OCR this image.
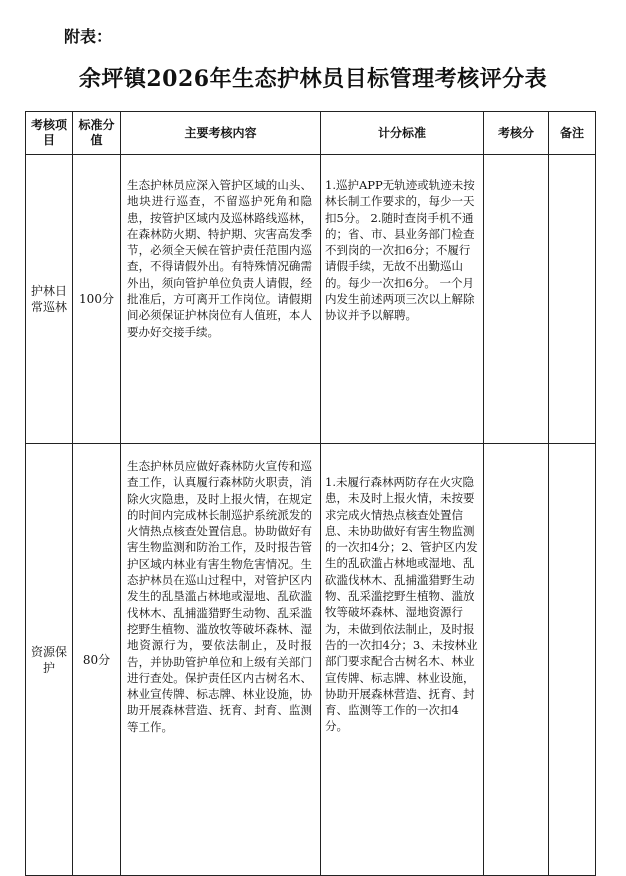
附表：
余坪镇2026年生态护林员目标管理考核评分表
考核项目	标准分值	主要考核内容	计分标准	考核分	备注
护林日常巡林	100分	生态护林员应深入管护区域的山头、地块进行巡查，不留巡护死角和隐患，按管护区域内及巡林路线巡林，在森林防火期、特护期、灾害高发季节，必须全天候在管护责任范围内巡查，不得请假外出。有特殊情况确需外出，须向管护单位负责人请假，经批准后，方可离开工作岗位。请假期间必须保证护林岗位有人值班，本人要办好交接手续。	1.巡护APP无轨迹或轨迹未按林长制工作要求的，每少一天扣5分。 2.随时查岗手机不通的；省、市、县业务部门检查不到岗的一次扣6分；不履行请假手续，无故不出勤巡山的。每少一次扣6分。 一个月内发生前述两项三次以上解除协议并予以解聘。		
资源保护	80分	生态护林员应做好森林防火宣传和巡查工作，认真履行森林防火职责，消除火灾隐患，及时上报火情，在规定的时间内完成林长制巡护系统派发的火情热点核查处置信息。协助做好有害生物监测和防治工作，及时报告管护区域内林业有害生物危害情况。生态护林员在巡山过程中，对管护区内发生的乱垦滥占林地或湿地、乱砍滥伐林木、乱捕滥猎野生动物、乱采滥挖野生植物、滥放牧等破坏森林、湿地资源行为，要依法制止，及时报告，并协助管护单位和上级有关部门进行查处。保护责任区内古树名木、林业宣传牌、标志牌、林业设施，协助开展森林营造、抚育、封育、监测等工作。	1.未履行森林两防存在火灾隐患，未及时上报火情，未按要求完成火情热点核查处置信息、未协助做好有害生物监测的一次扣4分；2、管护区内发生的乱砍滥占林地或湿地、乱砍滥伐林木、乱捕滥猎野生动物、乱采滥挖野生植物、滥放牧等破坏森林、湿地资源行为，未做到依法制止，及时报告的一次扣4分；3、未按林业部门要求配合古树名木、林业宣传牌、标志牌、林业设施，协助开展森林营造、抚育、封育、监测等工作的一次扣4分。		
